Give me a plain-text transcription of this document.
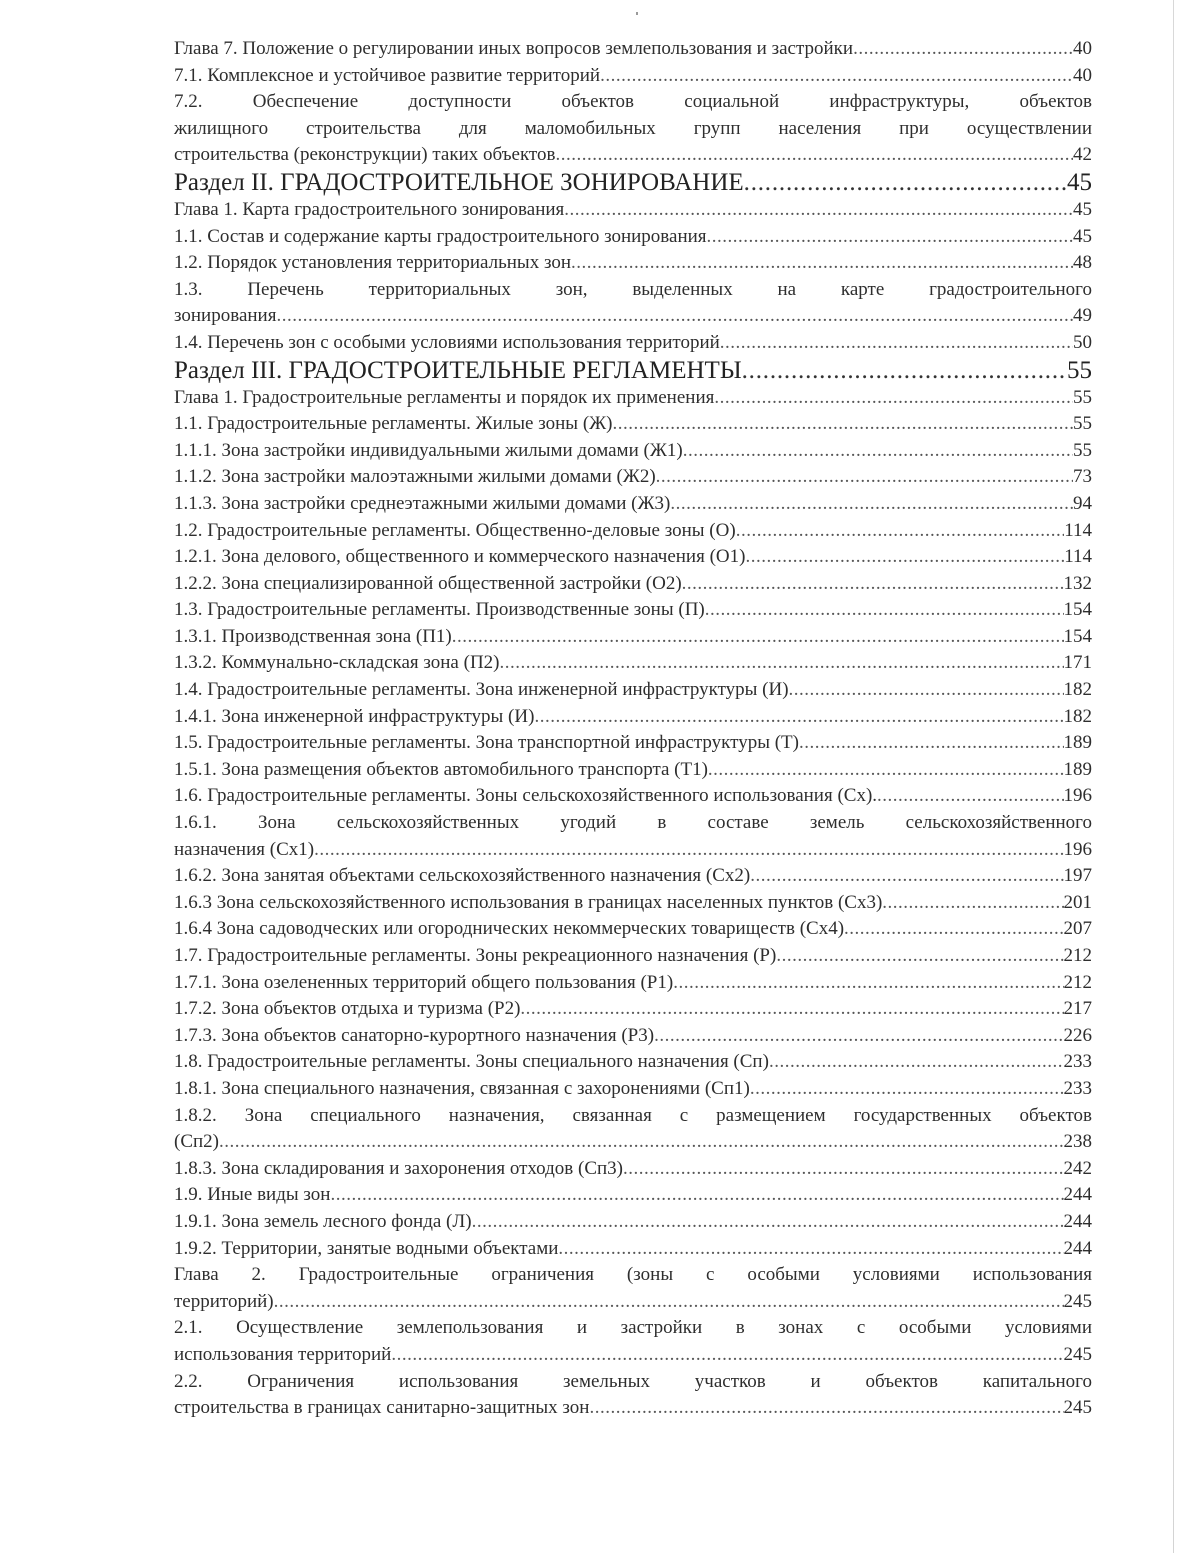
Глава 7. Положение о регулировании иных вопросов землепользования и застройки .....	40
7.1. Комплексное и устойчивое развитие территорий .....	40
7.2. Обеспечение доступности объектов социальной инфраструктуры, объектов
жилищного строительства для маломобильных групп населения при осуществлении
строительства (реконструкции) таких объектов .....	42
Раздел II. ГРАДОСТРОИТЕЛЬНОЕ ЗОНИРОВАНИЕ .....	45
Глава 1. Карта градостроительного зонирования .....	45
1.1. Состав и содержание карты градостроительного зонирования .....	45
1.2. Порядок установления территориальных зон .....	48
1.3. Перечень территориальных зон, выделенных на карте градостроительного
зонирования .....	49
1.4. Перечень зон с особыми условиями использования территорий .....	50
Раздел III. ГРАДОСТРОИТЕЛЬНЫЕ РЕГЛАМЕНТЫ .....	55
Глава 1. Градостроительные регламенты и порядок их применения .....	55
1.1. Градостроительные регламенты. Жилые зоны (Ж) .....	55
1.1.1. Зона застройки индивидуальными жилыми домами (Ж1) .....	55
1.1.2. Зона застройки малоэтажными жилыми домами (Ж2) .....	73
1.1.3. Зона застройки среднеэтажными жилыми домами (Ж3) .....	94
1.2. Градостроительные регламенты. Общественно-деловые зоны (О) .....	114
1.2.1. Зона делового, общественного и коммерческого назначения (О1) .....	114
1.2.2. Зона специализированной общественной застройки (О2) .....	132
1.3. Градостроительные регламенты. Производственные зоны (П) .....	154
1.3.1. Производственная зона (П1) .....	154
1.3.2. Коммунально-складская зона (П2) .....	171
1.4. Градостроительные регламенты. Зона инженерной инфраструктуры (И) .....	182
1.4.1. Зона инженерной инфраструктуры (И) .....	182
1.5. Градостроительные регламенты. Зона транспортной инфраструктуры (Т) .....	189
1.5.1. Зона размещения объектов автомобильного транспорта (Т1) .....	189
1.6. Градостроительные регламенты. Зоны сельскохозяйственного использования (Сх). .....	196
1.6.1. Зона сельскохозяйственных угодий в составе земель сельскохозяйственного
назначения (Сх1) .....	196
1.6.2. Зона занятая объектами сельскохозяйственного назначения (Сх2) .....	197
1.6.3 Зона сельскохозяйственного использования в границах населенных пунктов (Сх3) .....	201
1.6.4 Зона садоводческих или огороднических некоммерческих товариществ (Сх4) .....	207
1.7. Градостроительные регламенты. Зоны рекреационного назначения (Р) .....	212
1.7.1. Зона озелененных территорий общего пользования (Р1) .....	212
1.7.2. Зона объектов отдыха и туризма (Р2) .....	217
1.7.3. Зона объектов санаторно-курортного назначения (Р3) .....	226
1.8. Градостроительные регламенты. Зоны специального назначения (Сп) .....	233
1.8.1. Зона специального назначения, связанная с захоронениями (Сп1) .....	233
1.8.2. Зона специального назначения, связанная с размещением государственных объектов
(Сп2) .....	238
1.8.3. Зона складирования и захоронения отходов (Сп3) .....	242
1.9. Иные виды зон .....	244
1.9.1. Зона земель лесного фонда (Л) .....	244
1.9.2. Территории, занятые водными объектами .....	244
Глава 2. Градостроительные ограничения (зоны с особыми условиями использования
территорий) .....	245
2.1. Осуществление землепользования и застройки в зонах с особыми условиями
использования территорий .....	245
2.2. Ограничения использования земельных участков и объектов капитального
строительства в границах санитарно-защитных зон .....	245
